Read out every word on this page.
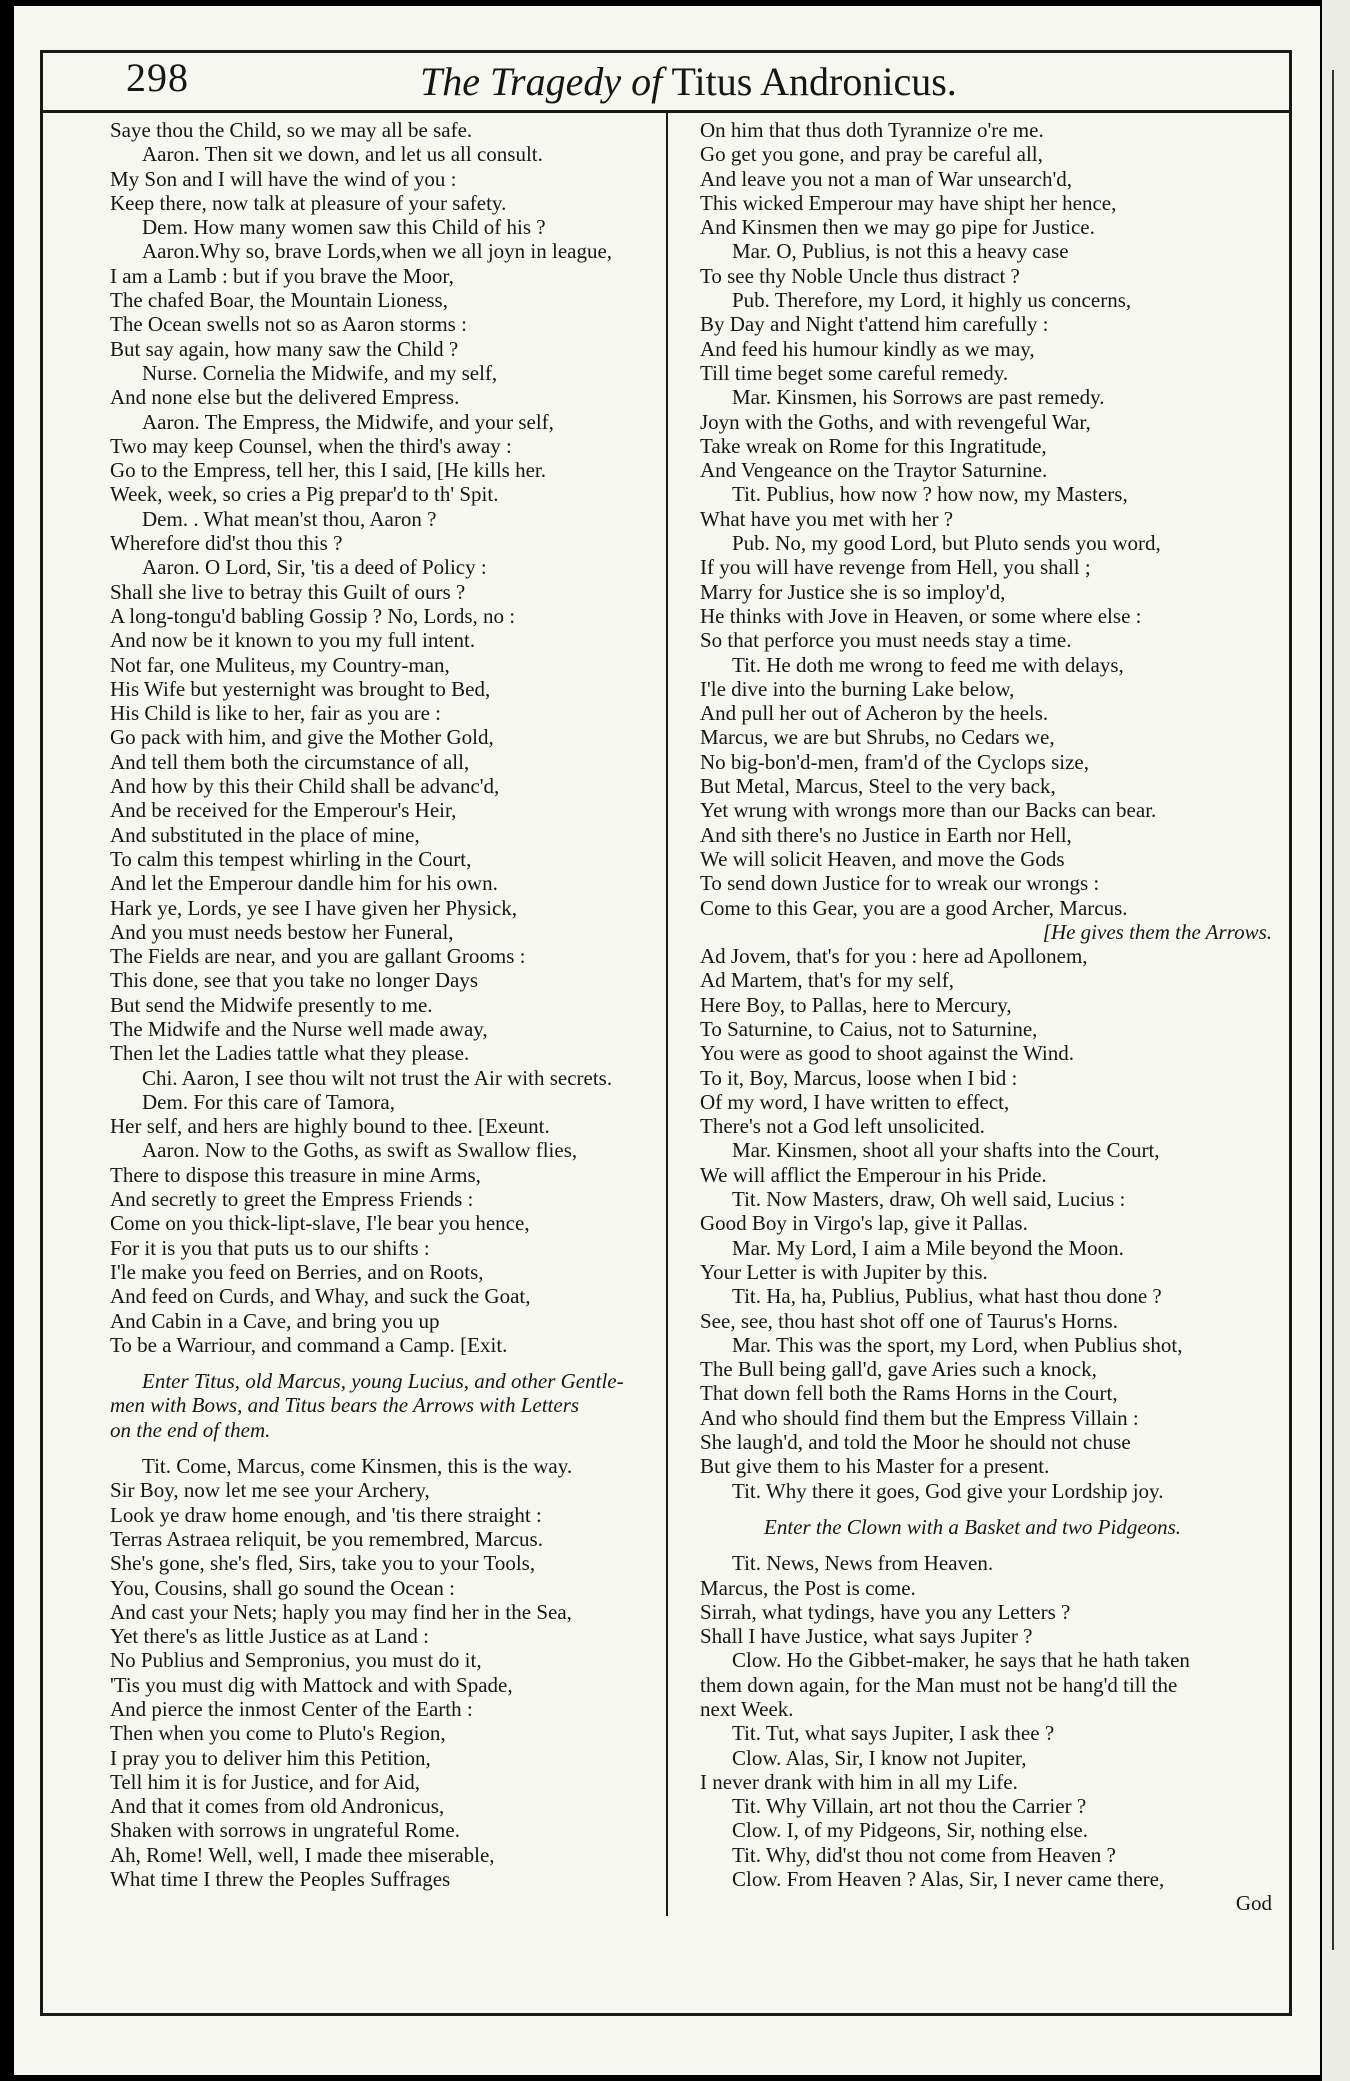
298	The Tragedy of Titus Andronicus.
Saye thou the Child, so we may all be safe.
Aaron. Then sit we down, and let us all consult.
My Son and I will have the wind of you :
Keep there, now talk at pleasure of your safety.
Dem. How many women saw this Child of his ?
Aaron.Why so, brave Lords,when we all joyn in league,
I am a Lamb : but if you brave the Moor,
The chafed Boar, the Mountain Lioness,
The Ocean swells not so as Aaron storms :
But say again, how many saw the Child ?
Nurse. Cornelia the Midwife, and my self,
And none else but the delivered Empress.
Aaron. The Empress, the Midwife, and your self,
Two may keep Counsel, when the third's away :
Go to the Empress, tell her, this I said, [He kills her.
Week, week, so cries a Pig prepar'd to th' Spit.
Dem. . What mean'st thou, Aaron ?
Wherefore did'st thou this ?
Aaron. O Lord, Sir, 'tis a deed of Policy :
Shall she live to betray this Guilt of ours ?
A long-tongu'd babling Gossip ? No, Lords, no :
And now be it known to you my full intent.
Not far, one Muliteus, my Country-man,
His Wife but yesternight was brought to Bed,
His Child is like to her, fair as you are :
Go pack with him, and give the Mother Gold,
And tell them both the circumstance of all,
And how by this their Child shall be advanc'd,
And be received for the Emperour's Heir,
And substituted in the place of mine,
To calm this tempest whirling in the Court,
And let the Emperour dandle him for his own.
Hark ye, Lords, ye see I have given her Physick,
And you must needs bestow her Funeral,
The Fields are near, and you are gallant Grooms :
This done, see that you take no longer Days
But send the Midwife presently to me.
The Midwife and the Nurse well made away,
Then let the Ladies tattle what they please.
Chi. Aaron, I see thou wilt not trust the Air with secrets.
Dem. For this care of Tamora,
Her self, and hers are highly bound to thee. [Exeunt.
Aaron. Now to the Goths, as swift as Swallow flies,
There to dispose this treasure in mine Arms,
And secretly to greet the Empress Friends :
Come on you thick-lipt-slave, I'le bear you hence,
For it is you that puts us to our shifts :
I'le make you feed on Berries, and on Roots,
And feed on Curds, and Whay, and suck the Goat,
And Cabin in a Cave, and bring you up
To be a Warriour, and command a Camp. [Exit.
Enter Titus, old Marcus, young Lucius, and other Gentle-
men with Bows, and Titus bears the Arrows with Letters
on the end of them.
Tit. Come, Marcus, come Kinsmen, this is the way.
Sir Boy, now let me see your Archery,
Look ye draw home enough, and 'tis there straight :
Terras Astraea reliquit, be you remembred, Marcus.
She's gone, she's fled, Sirs, take you to your Tools,
You, Cousins, shall go sound the Ocean :
And cast your Nets; haply you may find her in the Sea,
Yet there's as little Justice as at Land :
No Publius and Sempronius, you must do it,
'Tis you must dig with Mattock and with Spade,
And pierce the inmost Center of the Earth :
Then when you come to Pluto's Region,
I pray you to deliver him this Petition,
Tell him it is for Justice, and for Aid,
And that it comes from old Andronicus,
Shaken with sorrows in ungrateful Rome.
Ah, Rome! Well, well, I made thee miserable,
What time I threw the Peoples Suffrages
On him that thus doth Tyrannize o're me.
Go get you gone, and pray be careful all,
And leave you not a man of War unsearch'd,
This wicked Emperour may have shipt her hence,
And Kinsmen then we may go pipe for Justice.
Mar. O, Publius, is not this a heavy case
To see thy Noble Uncle thus distract ?
Pub. Therefore, my Lord, it highly us concerns,
By Day and Night t'attend him carefully :
And feed his humour kindly as we may,
Till time beget some careful remedy.
Mar. Kinsmen, his Sorrows are past remedy.
Joyn with the Goths, and with revengeful War,
Take wreak on Rome for this Ingratitude,
And Vengeance on the Traytor Saturnine.
Tit. Publius, how now ? how now, my Masters,
What have you met with her ?
Pub. No, my good Lord, but Pluto sends you word,
If you will have revenge from Hell, you shall ;
Marry for Justice she is so imploy'd,
He thinks with Jove in Heaven, or some where else :
So that perforce you must needs stay a time.
Tit. He doth me wrong to feed me with delays,
I'le dive into the burning Lake below,
And pull her out of Acheron by the heels.
Marcus, we are but Shrubs, no Cedars we,
No big-bon'd-men, fram'd of the Cyclops size,
But Metal, Marcus, Steel to the very back,
Yet wrung with wrongs more than our Backs can bear.
And sith there's no Justice in Earth nor Hell,
We will solicit Heaven, and move the Gods
To send down Justice for to wreak our wrongs :
Come to this Gear, you are a good Archer, Marcus.
[He gives them the Arrows.
Ad Jovem, that's for you : here ad Apollonem,
Ad Martem, that's for my self,
Here Boy, to Pallas, here to Mercury,
To Saturnine, to Caius, not to Saturnine,
You were as good to shoot against the Wind.
To it, Boy, Marcus, loose when I bid :
Of my word, I have written to effect,
There's not a God left unsolicited.
Mar. Kinsmen, shoot all your shafts into the Court,
We will afflict the Emperour in his Pride.
Tit. Now Masters, draw, Oh well said, Lucius :
Good Boy in Virgo's lap, give it Pallas.
Mar. My Lord, I aim a Mile beyond the Moon.
Your Letter is with Jupiter by this.
Tit. Ha, ha, Publius, Publius, what hast thou done ?
See, see, thou hast shot off one of Taurus's Horns.
Mar. This was the sport, my Lord, when Publius shot,
The Bull being gall'd, gave Aries such a knock,
That down fell both the Rams Horns in the Court,
And who should find them but the Empress Villain :
She laugh'd, and told the Moor he should not chuse
But give them to his Master for a present.
Tit. Why there it goes, God give your Lordship joy.
Enter the Clown with a Basket and two Pidgeons.
Tit. News, News from Heaven.
Marcus, the Post is come.
Sirrah, what tydings, have you any Letters ?
Shall I have Justice, what says Jupiter ?
Clow. Ho the Gibbet-maker, he says that he hath taken
them down again, for the Man must not be hang'd till the
next Week.
Tit. Tut, what says Jupiter, I ask thee ?
Clow. Alas, Sir, I know not Jupiter,
I never drank with him in all my Life.
Tit. Why Villain, art not thou the Carrier ?
Clow. I, of my Pidgeons, Sir, nothing else.
Tit. Why, did'st thou not come from Heaven ?
Clow. From Heaven ? Alas, Sir, I never came there,
God
